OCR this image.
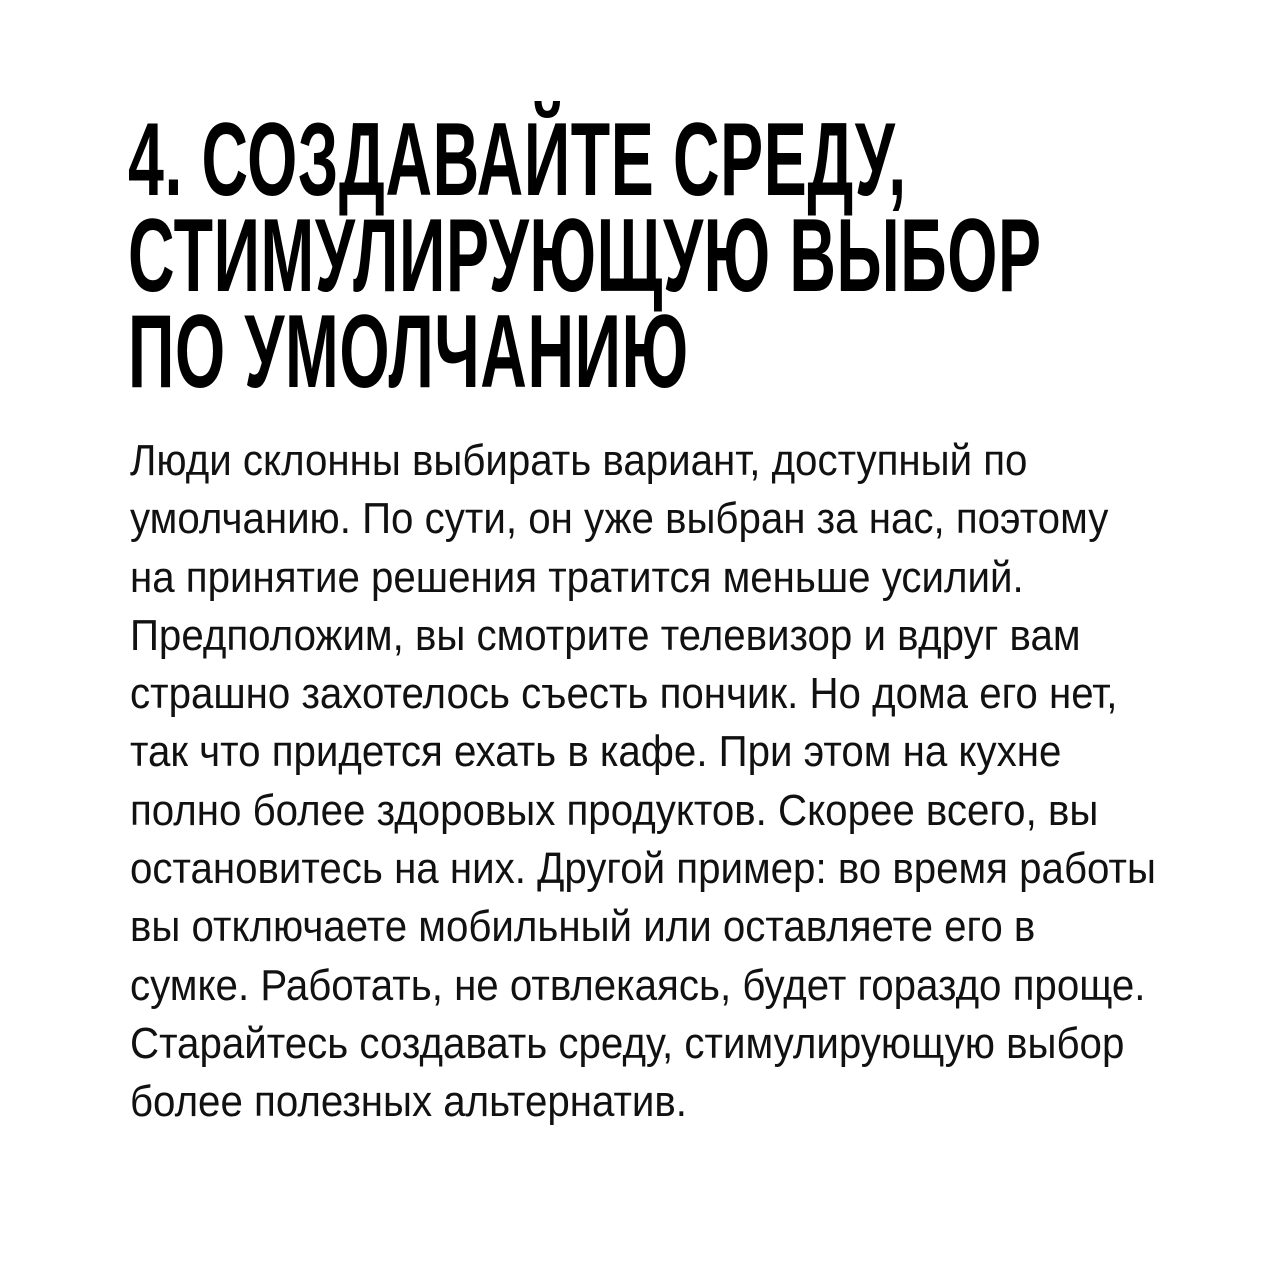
4. СОЗДАВАЙТЕ СРЕДУ,
СТИМУЛИРУЮЩУЮ ВЫБОР
ПО УМОЛЧАНИЮ

Люди склонны выбирать вариант, доступный по
умолчанию. По сути, он уже выбран за нас, поэтому
на принятие решения тратится меньше усилий.
Предположим, вы смотрите телевизор и вдруг вам
страшно захотелось съесть пончик. Но дома его нет,
так что придется ехать в кафе. При этом на кухне
полно более здоровых продуктов. Скорее всего, вы
остановитесь на них. Другой пример: во время работы
вы отключаете мобильный или оставляете его в
сумке. Работать, не отвлекаясь, будет гораздо проще.
Старайтесь создавать среду, стимулирующую выбор
более полезных альтернатив.
